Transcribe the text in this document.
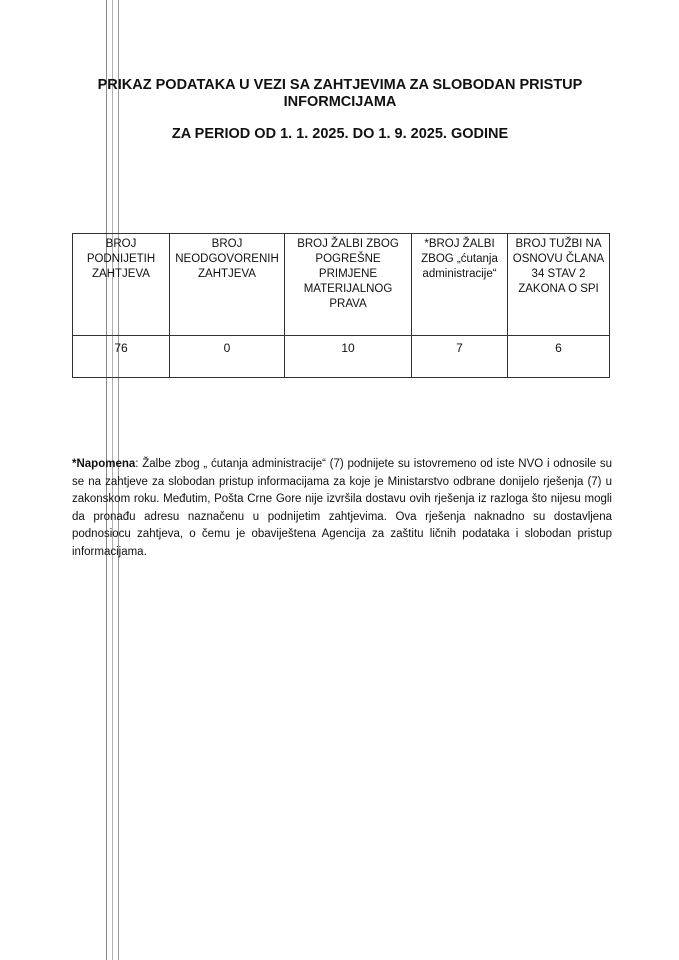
PRIKAZ PODATAKA U VEZI SA ZAHTJEVIMA ZA SLOBODAN PRISTUP
INFORMCIJAMA
ZA PERIOD OD 1. 1. 2025. DO 1. 9. 2025. GODINE
BROJ PODNIJETIH ZAHTJEVA	BROJ NEODGOVORENIH ZAHTJEVA	BROJ ŽALBI ZBOG POGREŠNE PRIMJENE MATERIJALNOG PRAVA	*BROJ ŽALBI ZBOG „ćutanja administracije“	BROJ TUŽBI NA OSNOVU ČLANA 34 STAV 2 ZAKONA O SPI
76	0	10	7	6
*Napomena: Žalbe zbog „ ćutanja administracije“ (7) podnijete su istovremeno od iste NVO i odnosile su se na zahtjeve za slobodan pristup informacijama za koje je Ministarstvo odbrane donijelo rješenja (7) u zakonskom roku. Međutim, Pošta Crne Gore nije izvršila dostavu ovih rješenja iz razloga što nijesu mogli da pronađu adresu naznačenu u podnijetim zahtjevima. Ova rješenja naknadno su dostavljena podnosiocu zahtjeva, o čemu je obaviještena Agencija za zaštitu ličnih podataka i slobodan pristup informacijama.
